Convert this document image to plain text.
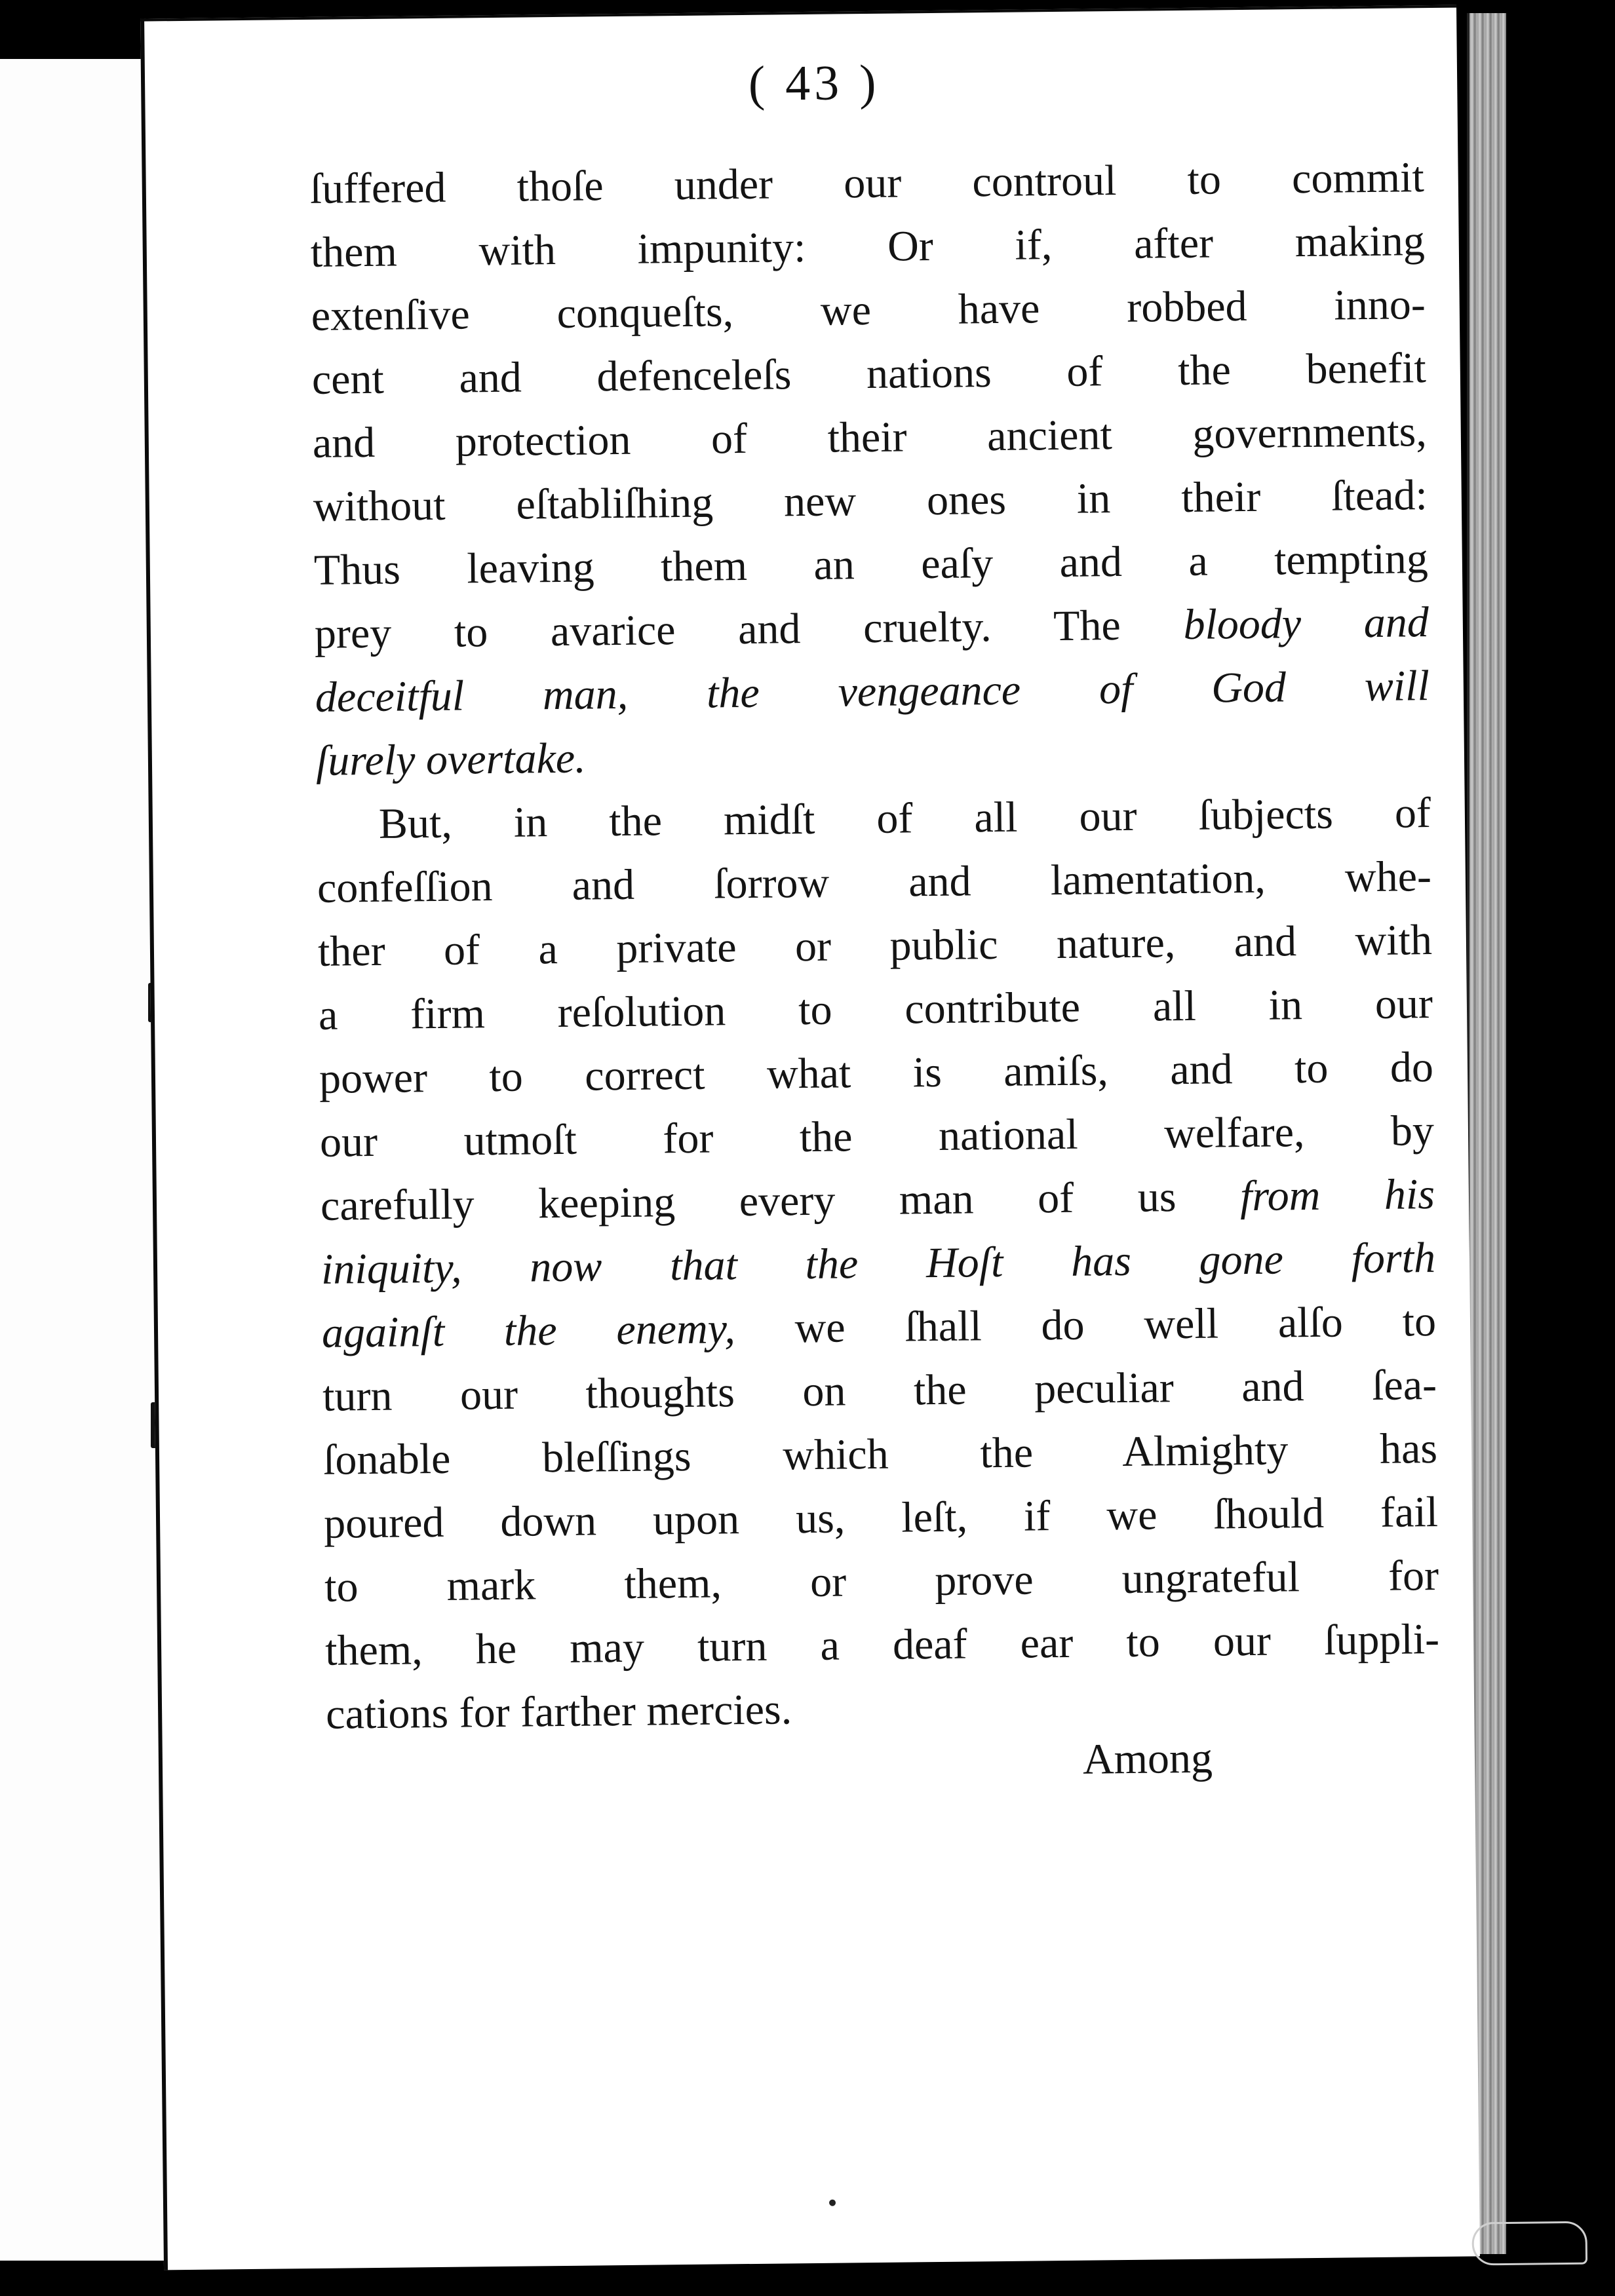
( 43 )
ſuffered thoſe under our controul to commit
them with impunity: Or if, after making
extenſive conqueſts, we have robbed inno-
cent and defenceleſs nations of the benefit
and protection of their ancient governments,
without eſtabliſhing new ones in their ſtead:
Thus leaving them an eaſy and a tempting
prey to avarice and cruelty. The bloody and
deceitful man, the vengeance of God will
ſurely overtake.
But, in the midſt of all our ſubjects of
confeſſion and ſorrow and lamentation, whe-
ther of a private or public nature, and with
a firm reſolution to contribute all in our
power to correct what is amiſs, and to do
our utmoſt for the national welfare, by
carefully keeping every man of us from his
iniquity, now that the Hoſt has gone forth
againſt the enemy, we ſhall do well alſo to
turn our thoughts on the peculiar and ſea-
ſonable bleſſings which the Almighty has
poured down upon us, leſt, if we ſhould fail
to mark them, or prove ungrateful for
them, he may turn a deaf ear to our ſuppli-
cations for farther mercies.
Among
